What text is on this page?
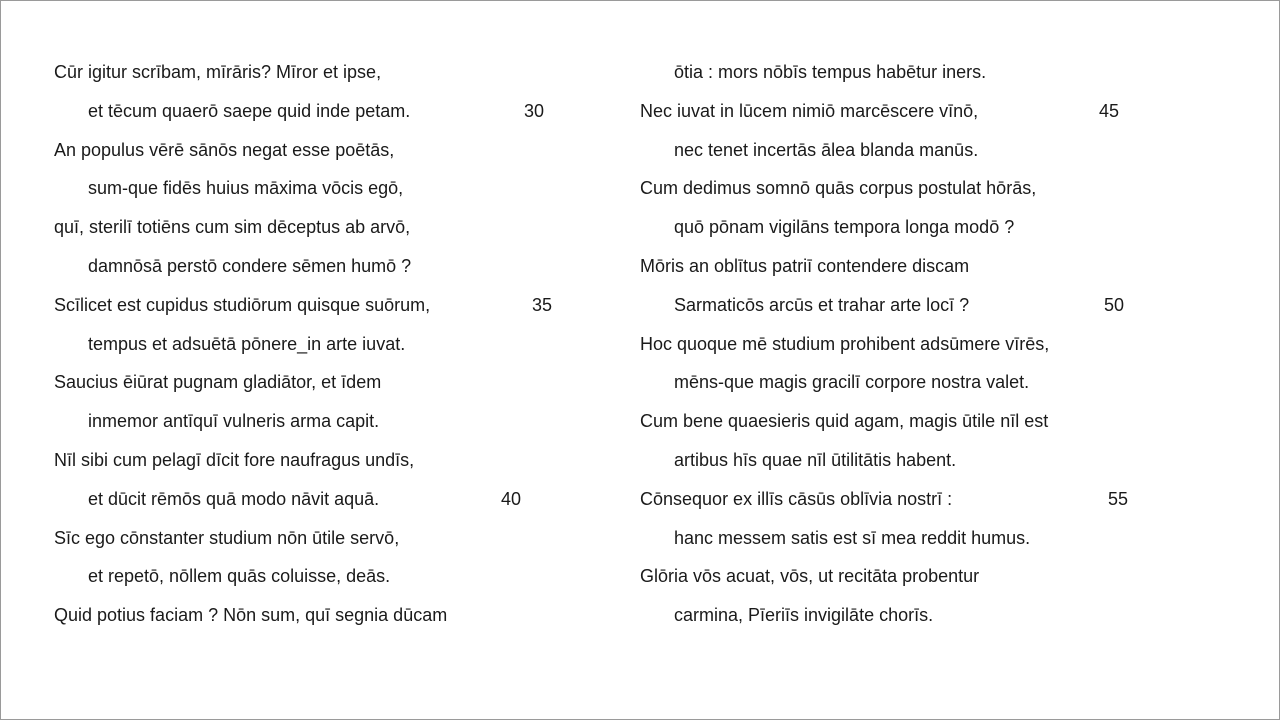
Cūr igitur scrībam, mīrāris? Mīror et ipse,
et tēcum quaerō saepe quid inde petam.	30
An populus vērē sānōs negat esse poētās,
sum-que fidēs huius māxima vōcis egō,
quī, sterilī totiēns cum sim dēceptus ab arvō,
damnōsā perstō condere sēmen humō ?
Scīlicet est cupidus studiōrum quisque suōrum,	35
tempus et adsuētā pōnere_in arte iuvat.
Saucius ēiūrat pugnam gladiātor, et īdem
inmemor antīquī vulneris arma capit.
Nīl sibi cum pelagī dīcit fore naufragus undīs,
et dūcit rēmōs quā modo nāvit aquā.	40
Sīc ego cōnstanter studium nōn ūtile servō,
et repetō, nōllem quās coluisse, deās.
Quid potius faciam ? Nōn sum, quī segnia dūcam
ōtia : mors nōbīs tempus habētur iners.
Nec iuvat in lūcem nimiō marcēscere vīnō,	45
nec tenet incertās ālea blanda manūs.
Cum dedimus somnō quās corpus postulat hōrās,
quō pōnam vigilāns tempora longa modō ?
Mōris an oblītus patriī contendere discam
Sarmaticōs arcūs et trahar arte locī ?	50
Hoc quoque mē studium prohibent adsūmere vīrēs,
mēns-que magis gracilī corpore nostra valet.
Cum bene quaesieris quid agam, magis ūtile nīl est
artibus hīs quae nīl ūtilitātis habent.
Cōnsequor ex illīs cāsūs oblīvia nostrī :	55
hanc messem satis est sī mea reddit humus.
Glōria vōs acuat, vōs, ut recitāta probentur
carmina, Pīeriīs invigilāte chorīs.
